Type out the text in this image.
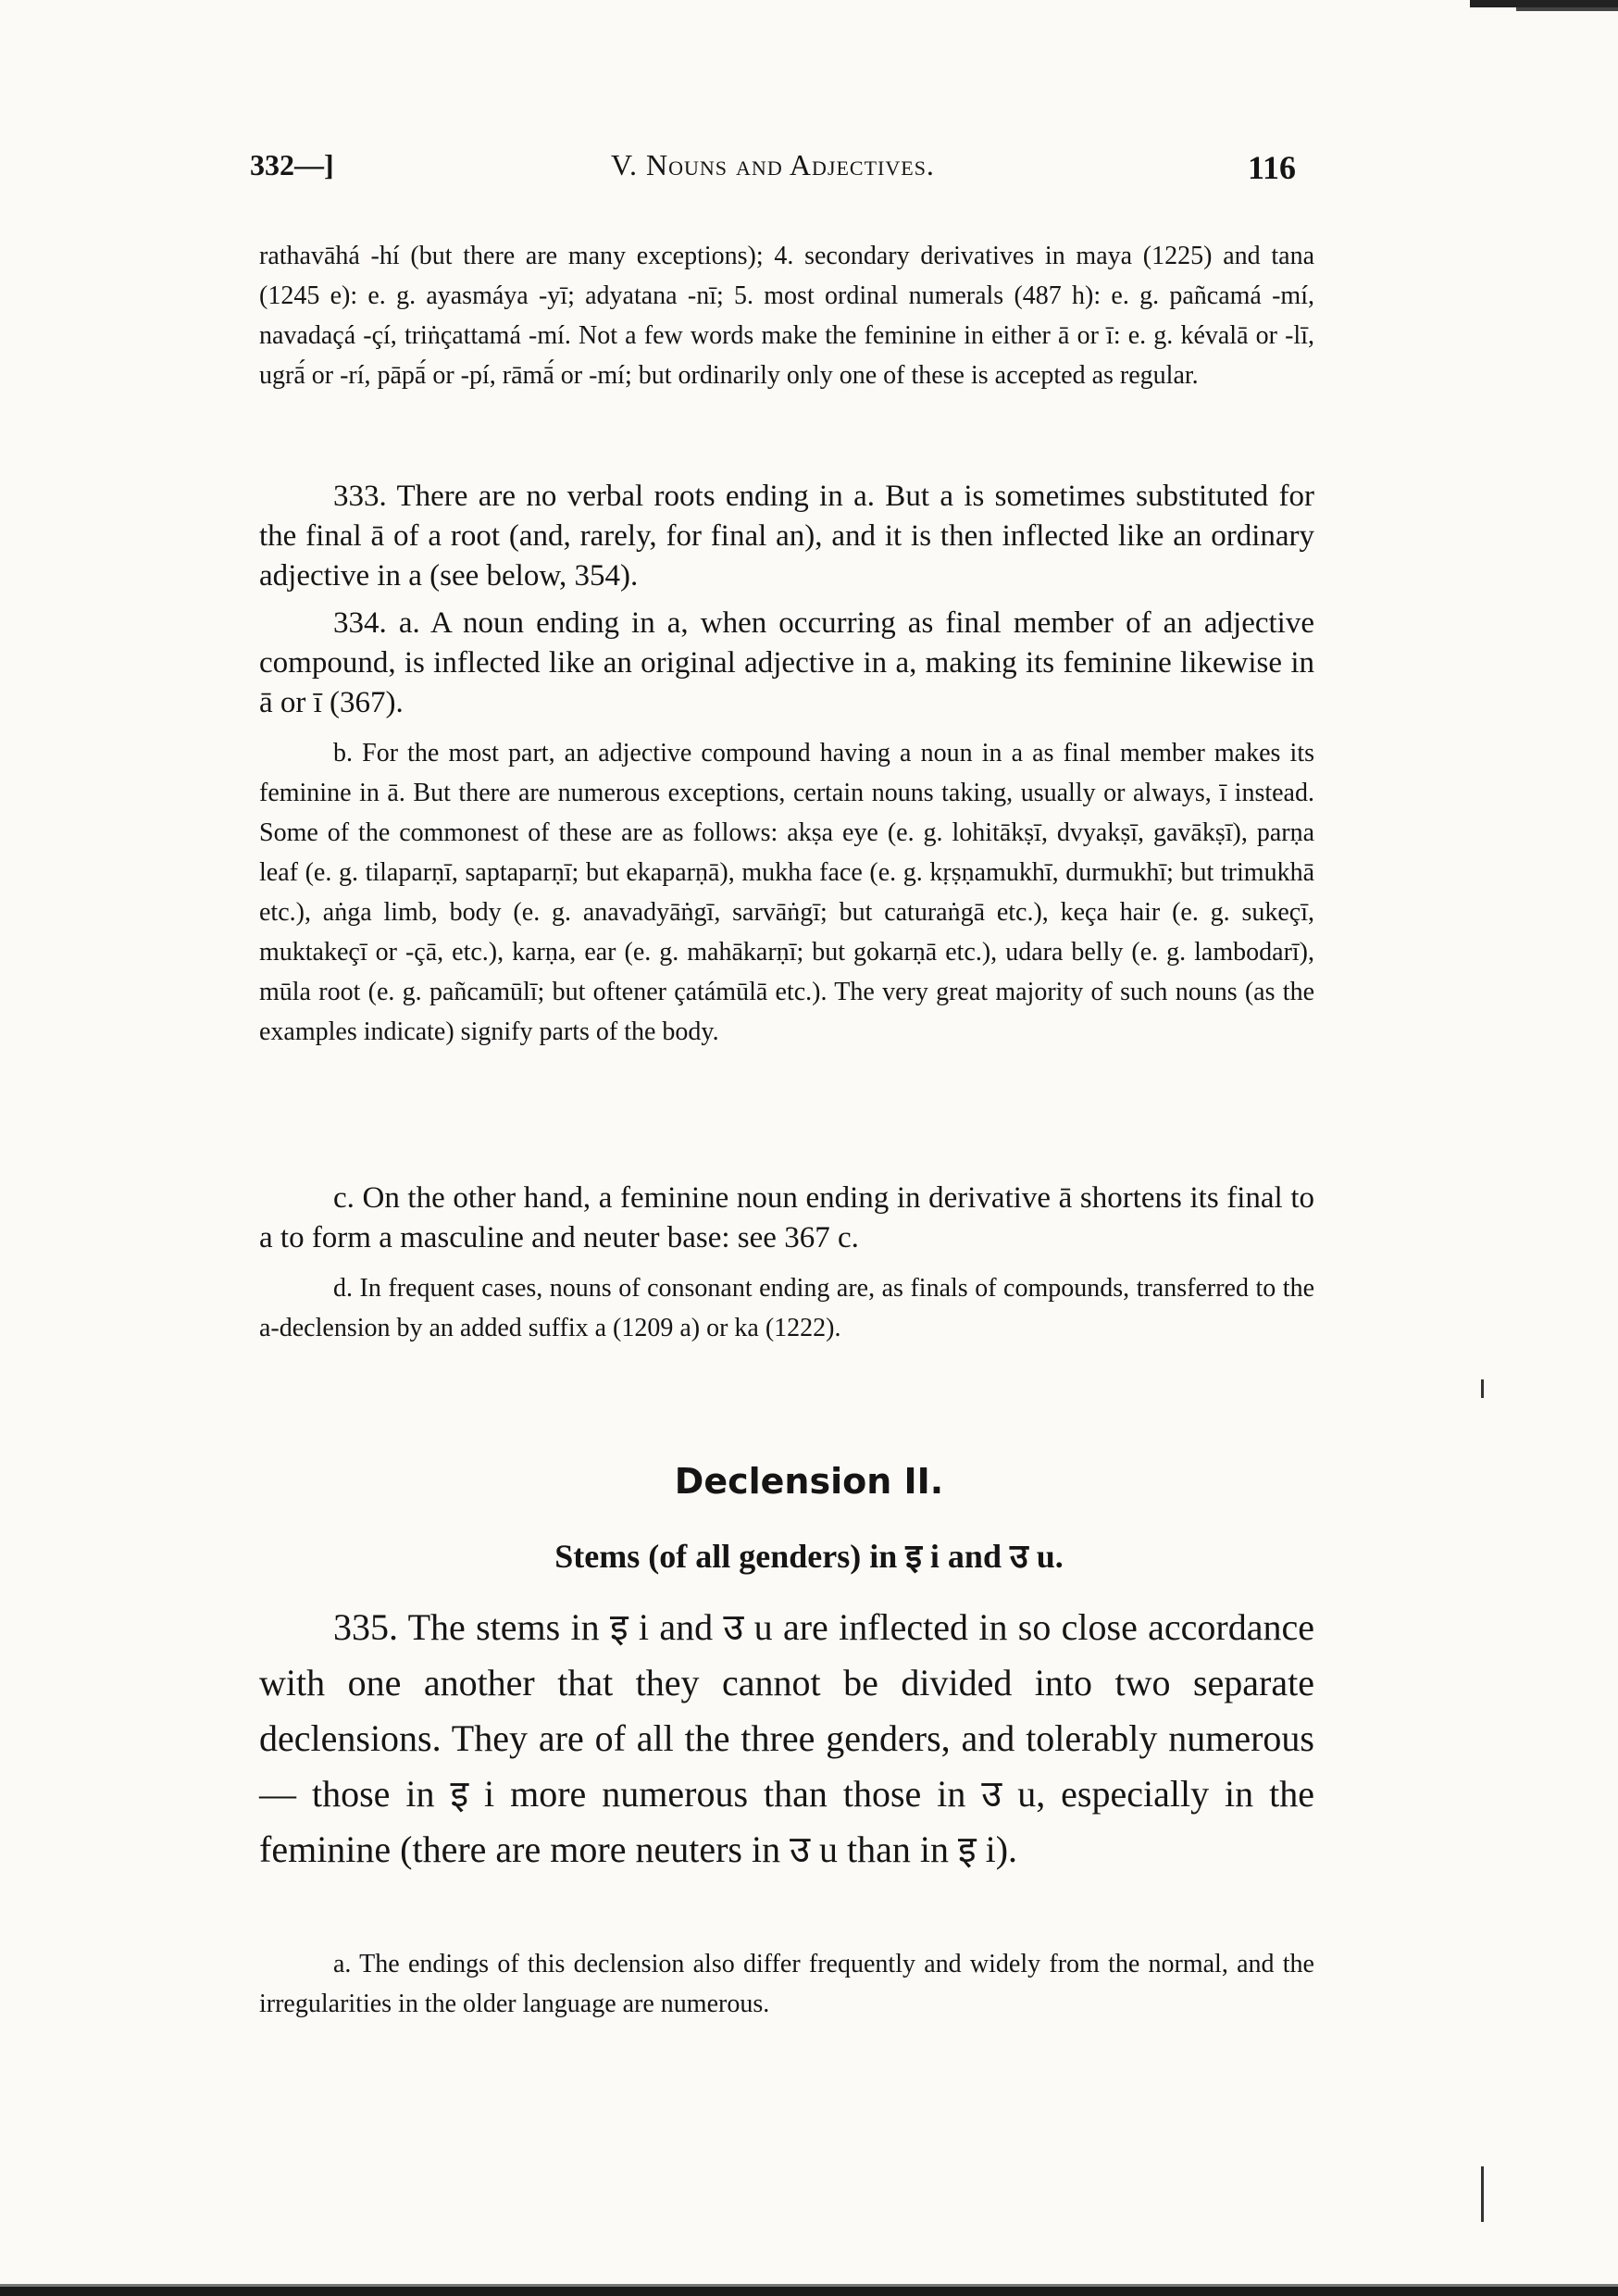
332—]	V. Nouns and Adjectives.	116

rathavāhá -hí (but there are many exceptions); 4. secondary derivatives in maya (1225) and tana (1245 e): e. g. ayasmáya -yī; adyatana -nī; 5. most ordinal numerals (487 h): e. g. pañcamá -mí, navadaçá -çí, triṅçattamá -mí. Not a few words make the feminine in either ā or ī: e. g. kévalā or -lī, ugrā́ or -rí, pāpā́ or -pí, rāmā́ or -mí; but ordinarily only one of these is accepted as regular.

333. There are no verbal roots ending in a. But a is sometimes substituted for the final ā of a root (and, rarely, for final an), and it is then inflected like an ordinary adjective in a (see below, 354).

334. a. A noun ending in a, when occurring as final member of an adjective compound, is inflected like an original adjective in a, making its feminine likewise in ā or ī (367).

b. For the most part, an adjective compound having a noun in a as final member makes its feminine in ā. But there are numerous exceptions, certain nouns taking, usually or always, ī instead. Some of the commonest of these are as follows: akṣa eye (e. g. lohitākṣī, dvyakṣī, gavākṣī), parṇa leaf (e. g. tilaparṇī, saptaparṇī; but ekaparṇā), mukha face (e. g. kṛṣṇamukhī, durmukhī; but trimukhā etc.), aṅga limb, body (e. g. anavadyāṅgī, sarvāṅgī; but caturaṅgā etc.), keça hair (e. g. sukeçī, muktakeçī or -çā, etc.), karṇa, ear (e. g. mahākarṇī; but gokarṇā etc.), udara belly (e. g. lambodarī), mūla root (e. g. pañcamūlī; but oftener çatámūlā etc.). The very great majority of such nouns (as the examples indicate) signify parts of the body.

c. On the other hand, a feminine noun ending in derivative ā shortens its final to a to form a masculine and neuter base: see 367 c.

d. In frequent cases, nouns of consonant ending are, as finals of compounds, transferred to the a-declension by an added suffix a (1209 a) or ka (1222).

Declension II.
Stems (of all genders) in इ i and उ u.

335. The stems in इ i and उ u are inflected in so close accordance with one another that they cannot be divided into two separate declensions. They are of all the three genders, and tolerably numerous — those in इ i more numerous than those in उ u, especially in the feminine (there are more neuters in उ u than in इ i).

a. The endings of this declension also differ frequently and widely from the normal, and the irregularities in the older language are numerous.
